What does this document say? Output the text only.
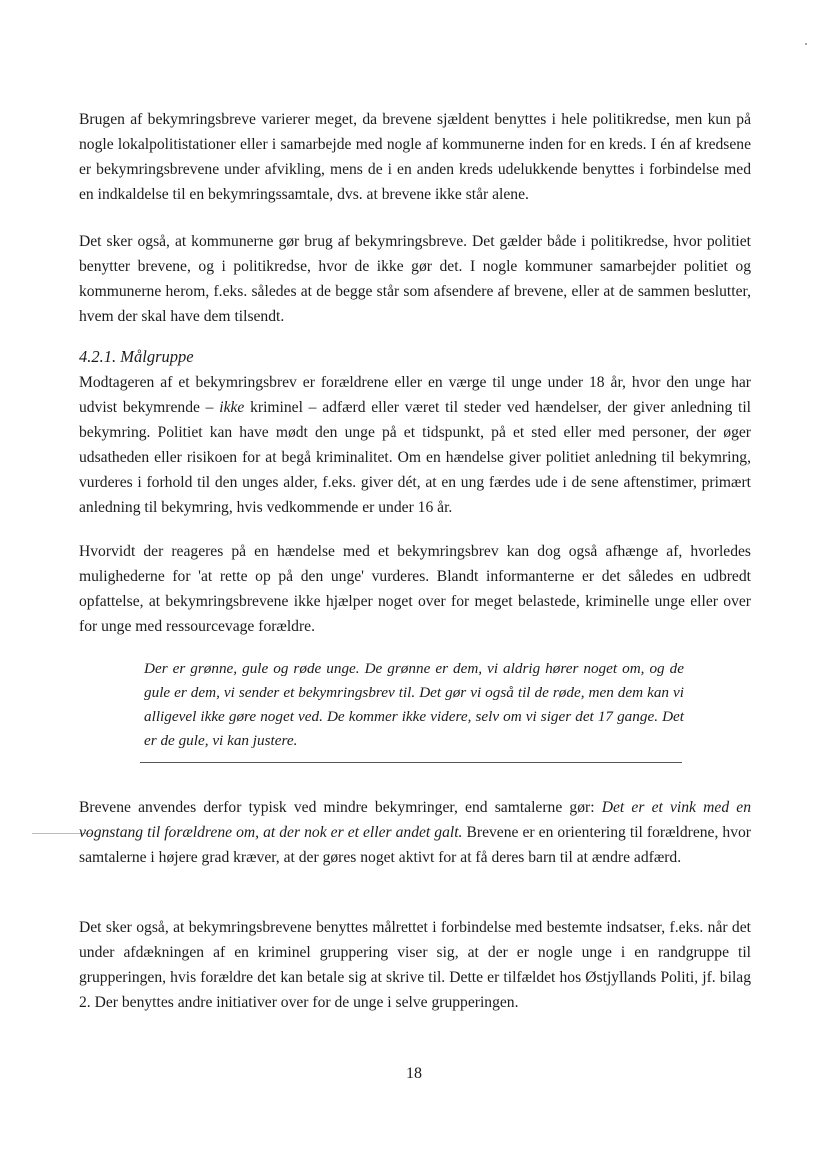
Brugen af bekymringsbreve varierer meget, da brevene sjældent benyttes i hele politikredse, men kun på nogle lokalpolitistationer eller i samarbejde med nogle af kommunerne inden for en kreds. I én af kredsene er bekymringsbrevene under afvikling, mens de i en anden kreds udelukkende benyttes i forbindelse med en indkaldelse til en bekymringssamtale, dvs. at brevene ikke står alene.

Det sker også, at kommunerne gør brug af bekymringsbreve. Det gælder både i politikredse, hvor politiet benytter brevene, og i politikredse, hvor de ikke gør det. I nogle kommuner samarbejder politiet og kommunerne herom, f.eks. således at de begge står som afsendere af brevene, eller at de sammen beslutter, hvem der skal have dem tilsendt.

4.2.1. Målgruppe

Modtageren af et bekymringsbrev er forældrene eller en værge til unge under 18 år, hvor den unge har udvist bekymrende – ikke kriminel – adfærd eller været til steder ved hændelser, der giver anledning til bekymring. Politiet kan have mødt den unge på et tidspunkt, på et sted eller med personer, der øger udsatheden eller risikoen for at begå kriminalitet. Om en hændelse giver politiet anledning til bekymring, vurderes i forhold til den unges alder, f.eks. giver dét, at en ung færdes ude i de sene aftenstimer, primært anledning til bekymring, hvis vedkommende er under 16 år.

Hvorvidt der reageres på en hændelse med et bekymringsbrev kan dog også afhænge af, hvorledes mulighederne for 'at rette op på den unge' vurderes. Blandt informanterne er det således en udbredt opfattelse, at bekymringsbrevene ikke hjælper noget over for meget belastede, kriminelle unge eller over for unge med ressourcevage forældre.

Der er grønne, gule og røde unge. De grønne er dem, vi aldrig hører noget om, og de gule er dem, vi sender et bekymringsbrev til. Det gør vi også til de røde, men dem kan vi alligevel ikke gøre noget ved. De kommer ikke videre, selv om vi siger det 17 gange. Det er de gule, vi kan justere.

Brevene anvendes derfor typisk ved mindre bekymringer, end samtalerne gør: Det er et vink med en vognstang til forældrene om, at der nok er et eller andet galt. Brevene er en orientering til forældrene, hvor samtalerne i højere grad kræver, at der gøres noget aktivt for at få deres barn til at ændre adfærd.

Det sker også, at bekymringsbrevene benyttes målrettet i forbindelse med bestemte indsatser, f.eks. når det under afdækningen af en kriminel gruppering viser sig, at der er nogle unge i en randgruppe til grupperingen, hvis forældre det kan betale sig at skrive til. Dette er tilfældet hos Østjyllands Politi, jf. bilag 2. Der benyttes andre initiativer over for de unge i selve grupperingen.

18
